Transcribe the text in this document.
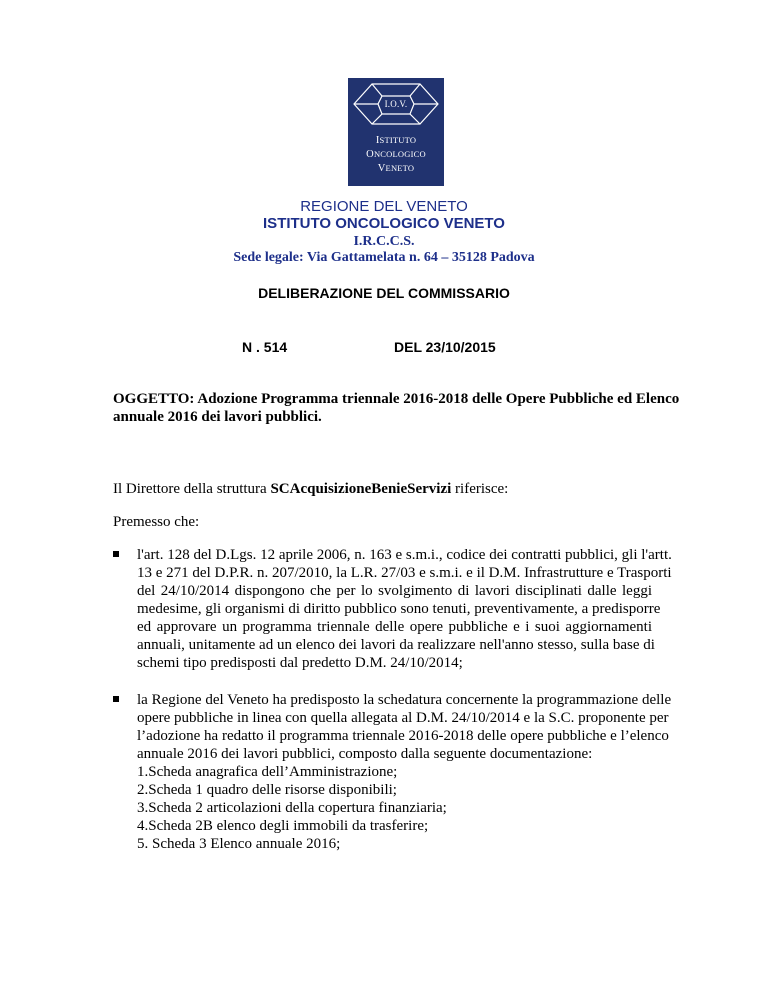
I.O.V.
ISTITUTO
ONCOLOGICO
VENETO
REGIONE DEL VENETO
ISTITUTO ONCOLOGICO VENETO
I.R.C.C.S.
Sede legale: Via Gattamelata n. 64 – 35128 Padova
DELIBERAZIONE DEL COMMISSARIO
N . 514	DEL 23/10/2015
OGGETTO: Adozione Programma triennale 2016-2018 delle Opere Pubbliche ed Elenco
annuale 2016 dei lavori pubblici.
Il Direttore della struttura SCAcquisizioneBenieServizi riferisce:
Premesso che:
l'art. 128 del D.Lgs. 12 aprile 2006, n. 163 e s.m.i., codice dei contratti pubblici, gli l'artt.
13 e 271 del D.P.R. n. 207/2010, la L.R. 27/03 e s.m.i. e il D.M. Infrastrutture e Trasporti
del 24/10/2014 dispongono che per lo svolgimento di lavori disciplinati dalle leggi
medesime, gli organismi di diritto pubblico sono tenuti, preventivamente, a predisporre
ed approvare un programma triennale delle opere pubbliche e i suoi aggiornamenti
annuali, unitamente ad un elenco dei lavori da realizzare nell'anno stesso, sulla base di
schemi tipo predisposti dal predetto D.M. 24/10/2014;
la Regione del Veneto ha predisposto la schedatura concernente la programmazione delle
opere pubbliche in linea con quella allegata al D.M. 24/10/2014 e la S.C. proponente per
l’adozione ha redatto il programma triennale 2016-2018 delle opere pubbliche e l’elenco
annuale 2016 dei lavori pubblici, composto dalla seguente documentazione:
1.Scheda anagrafica dell’Amministrazione;
2.Scheda 1 quadro delle risorse disponibili;
3.Scheda 2 articolazioni della copertura finanziaria;
4.Scheda 2B elenco degli immobili da trasferire;
5. Scheda 3 Elenco annuale 2016;
